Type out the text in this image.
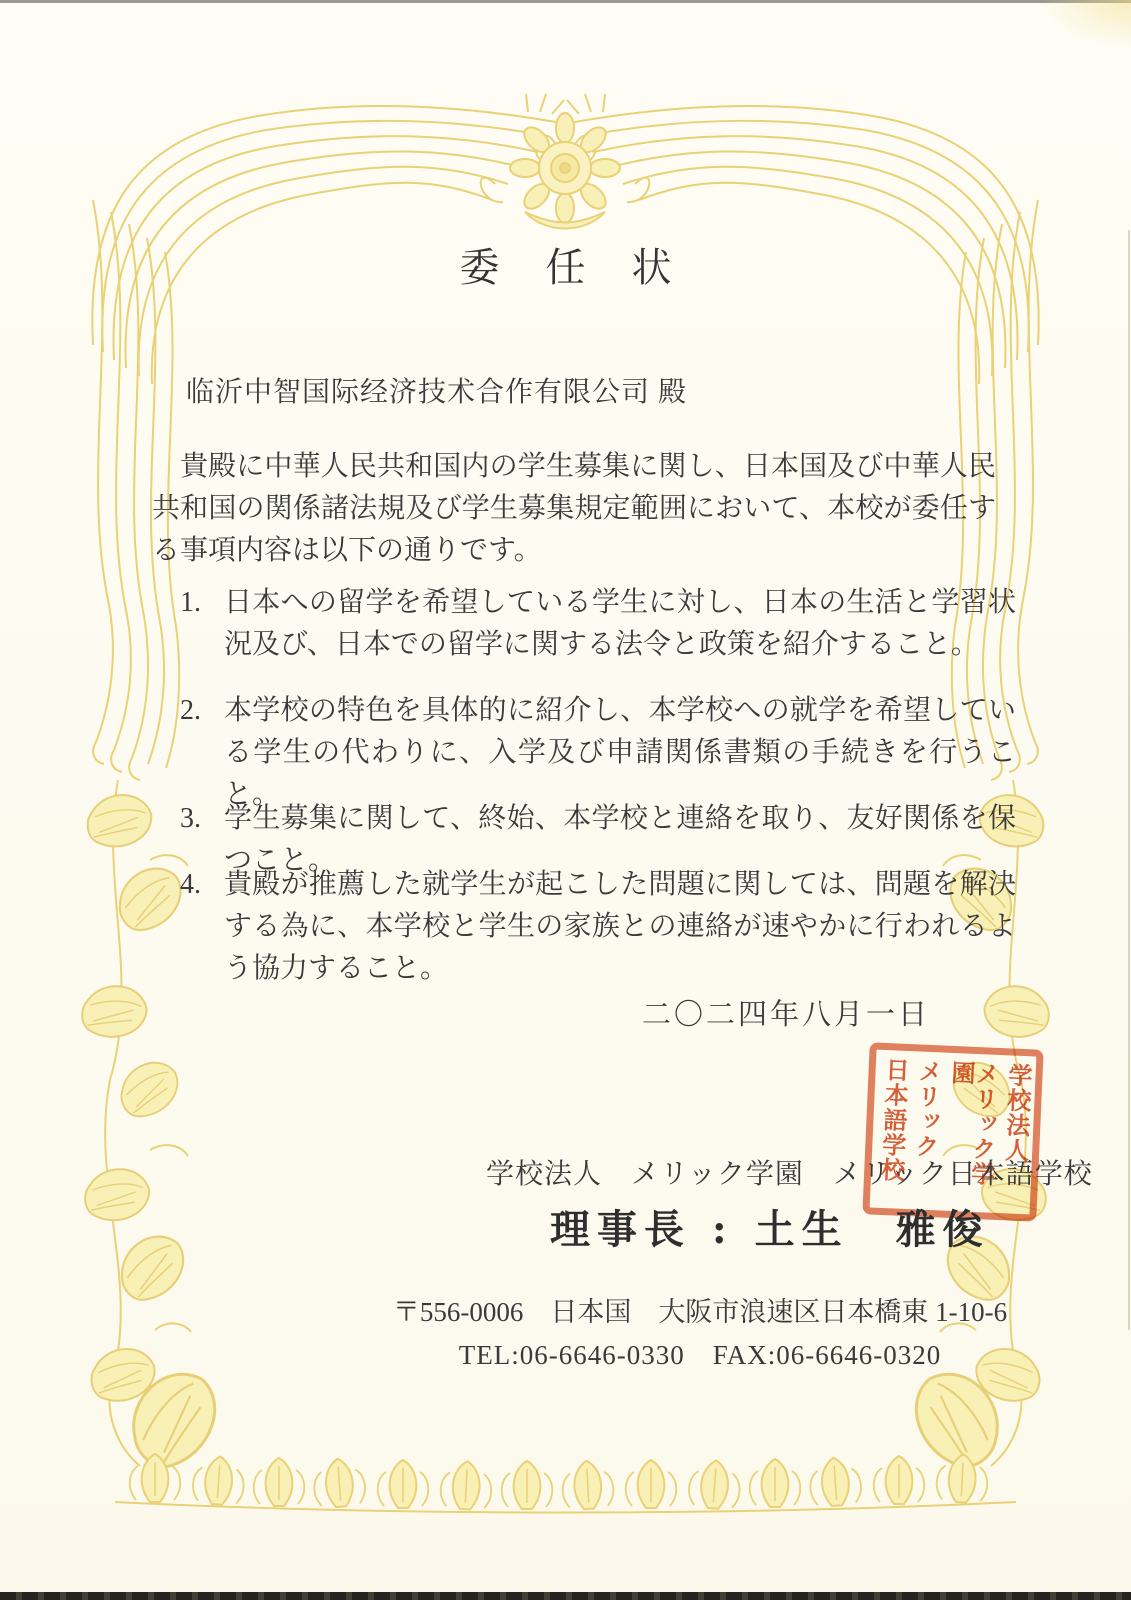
委任状
临沂中智国际经济技术合作有限公司 殿
貴殿に中華人民共和国内の学生募集に関し、日本国及び中華人民共和国の関係諸法規及び学生募集規定範囲において、本校が委任する事項内容は以下の通りです。
1. 日本への留学を希望している学生に対し、日本の生活と学習状況及び、日本での留学に関する法令と政策を紹介すること。
2. 本学校の特色を具体的に紹介し、本学校への就学を希望している学生の代わりに、入学及び申請関係書類の手続きを行うこと。
3. 学生募集に関して、終始、本学校と連絡を取り、友好関係を保つこと。
4. 貴殿が推薦した就学生が起こした問題に関しては、問題を解決する為に、本学校と学生の家族との連絡が速やかに行われるよう協力すること。
二〇二四年八月一日
学校法人
メリック学園
メリック
日本語学校
学校法人　メリック学園　メリック日本語学校
理事長 : 土生　雅俊
〒556-0006　日本国　大阪市浪速区日本橋東 1-10-6
TEL:06-6646-0330　FAX:06-6646-0320
